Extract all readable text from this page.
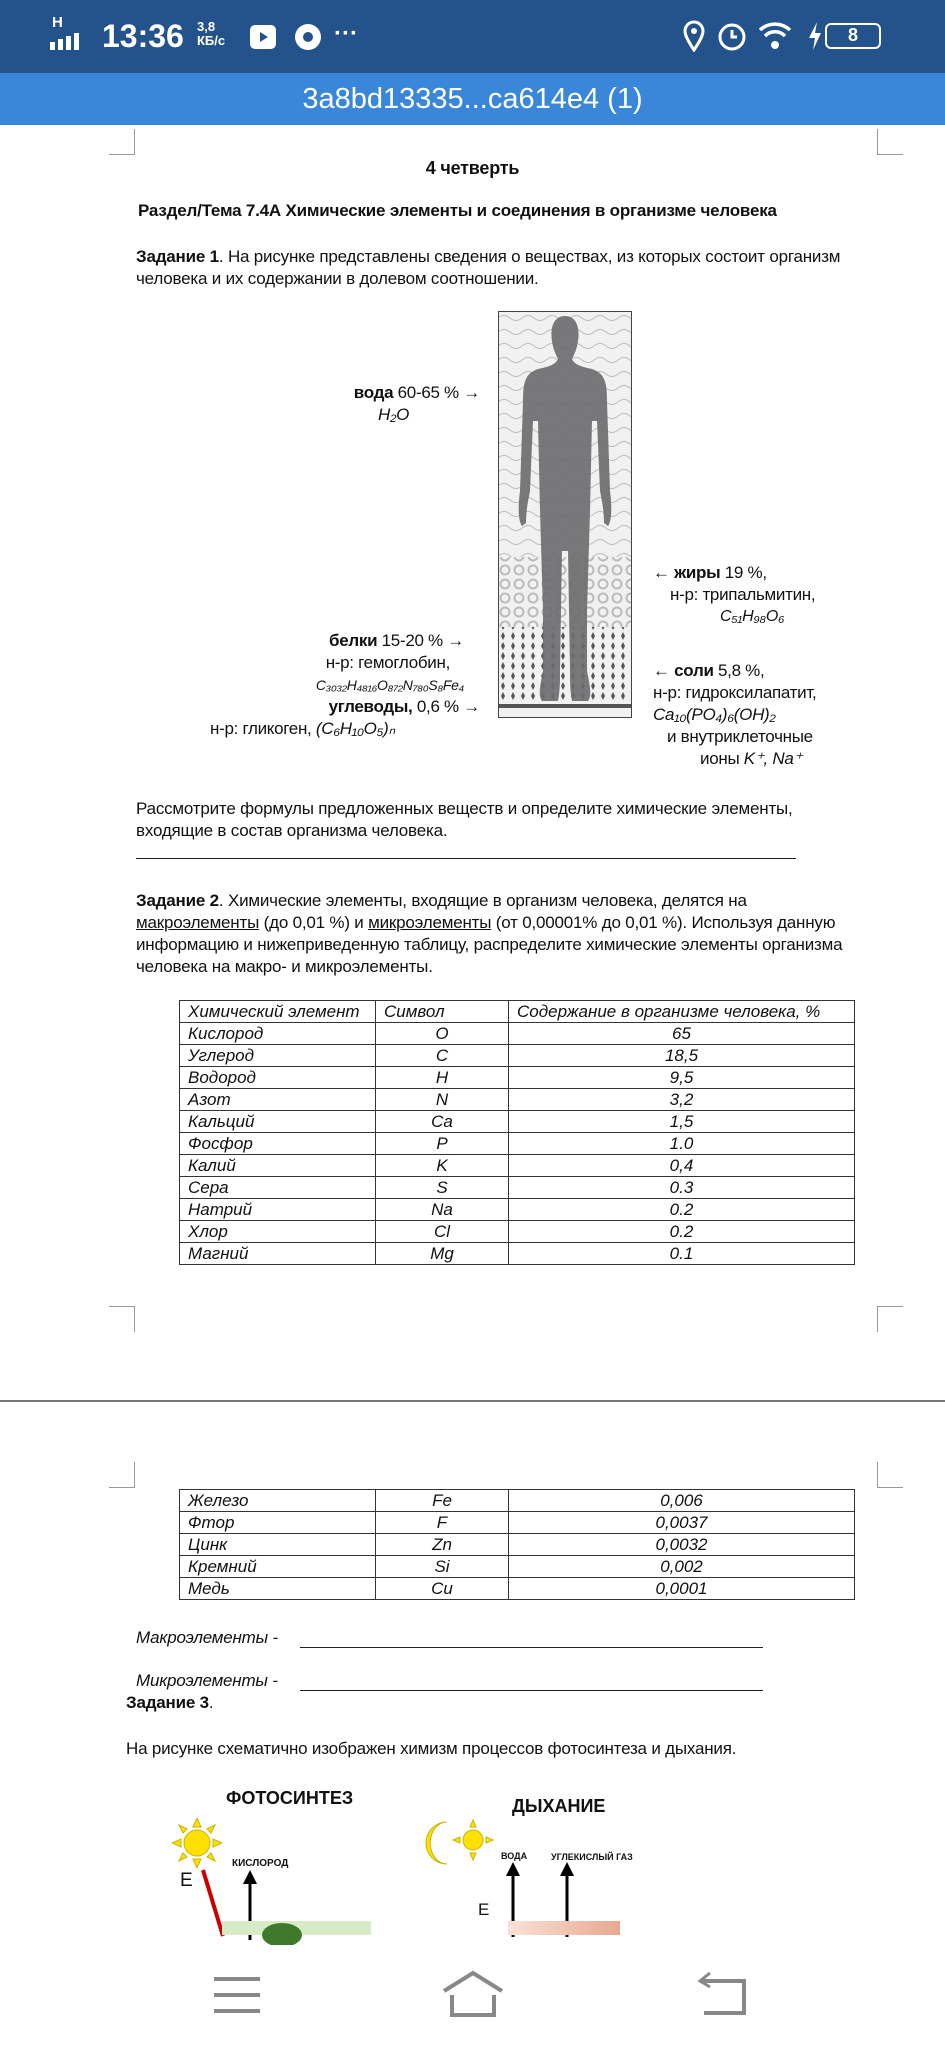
H 13:36 3,8
КБ/с	···	8
3a8bd13335...ca614e4 (1)
4 четверть
Раздел/Тема 7.4А Химические элементы и соединения в организме человека
Задание 1. На рисунке представлены сведения о веществах, из которых состоит организм человека и их содержании в долевом соотношении.
вода 60-65 % →
H₂O
← жиры 19 %,
н-р: трипальмитин,
C₅₁H₉₈O₆
белки 15-20 % →
н-р: гемоглобин,
C₃₀₃₂H₄₈₁₆O₈₇₂N₇₈₀S₈Fe₄
углеводы, 0,6 % →
н-р: гликоген, (C₆H₁₀O₅)ₙ
← соли 5,8 %,
н-р: гидроксилапатит,
Ca₁₀(PO₄)₆(OH)₂
и внутриклеточные
ионы K⁺, Na⁺
Рассмотрите формулы предложенных веществ и определите химические элементы, входящие в состав организма человека.
Задание 2. Химические элементы, входящие в организм человека, делятся на макроэлементы (до 0,01 %) и микроэлементы (от 0,00001% до 0,01 %). Используя данную информацию и нижеприведенную таблицу, распределите химические элементы организма человека на макро- и микроэлементы.
Химический элемент	Символ	Содержание в организме человека, %
Кислород	O	65
Углерод	C	18,5
Водород	H	9,5
Азот	N	3,2
Кальций	Ca	1,5
Фосфор	P	1.0
Калий	K	0,4
Сера	S	0.3
Натрий	Na	0.2
Хлор	Cl	0.2
Магний	Mg	0.1
Железо	Fe	0,006
Фтор	F	0,0037
Цинк	Zn	0,0032
Кремний	Si	0,002
Медь	Cu	0,0001
Макроэлементы -
Микроэлементы -
Задание 3.
На рисунке схематично изображен химизм процессов фотосинтеза и дыхания.
ФОТОСИНТЕЗ
E
КИСЛОРОД
ДЫХАНИЕ
ВОДА	УГЛЕКИСЛЫЙ ГАЗ
E
